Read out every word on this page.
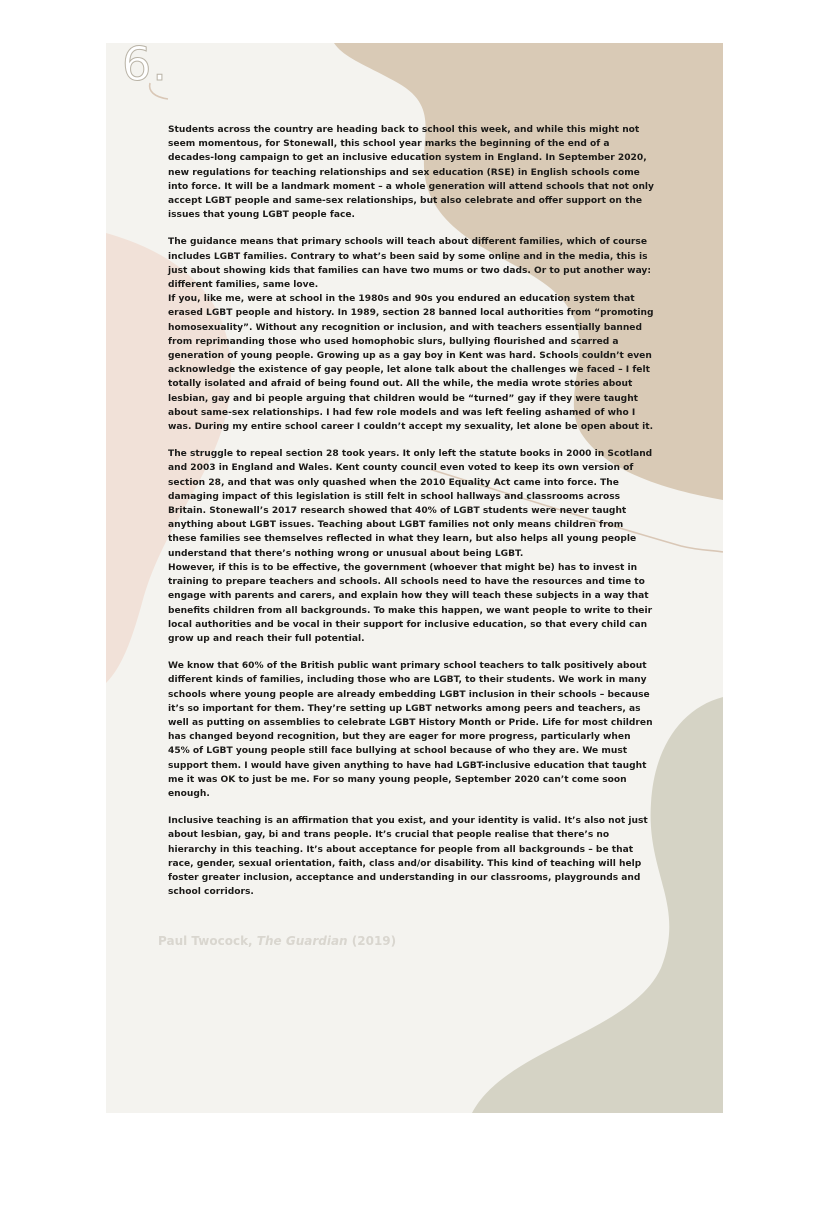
6.

Students across the country are heading back to school this week, and while this might not seem momentous, for Stonewall, this school year marks the beginning of the end of a decades-long campaign to get an inclusive education system in England. In September 2020, new regulations for teaching relationships and sex education (RSE) in English schools come into force. It will be a landmark moment – a whole generation will attend schools that not only accept LGBT people and same-sex relationships, but also celebrate and offer support on the issues that young LGBT people face.

The guidance means that primary schools will teach about different families, which of course includes LGBT families. Contrary to what’s been said by some online and in the media, this is just about showing kids that families can have two mums or two dads. Or to put another way: different families, same love.

If you, like me, were at school in the 1980s and 90s you endured an education system that erased LGBT people and history. In 1989, section 28 banned local authorities from “promoting homosexuality”. Without any recognition or inclusion, and with teachers essentially banned from reprimanding those who used homophobic slurs, bullying flourished and scarred a generation of young people. Growing up as a gay boy in Kent was hard. Schools couldn’t even acknowledge the existence of gay people, let alone talk about the challenges we faced – I felt totally isolated and afraid of being found out. All the while, the media wrote stories about lesbian, gay and bi people arguing that children would be “turned” gay if they were taught about same-sex relationships. I had few role models and was left feeling ashamed of who I was. During my entire school career I couldn’t accept my sexuality, let alone be open about it.

The struggle to repeal section 28 took years. It only left the statute books in 2000 in Scotland and 2003 in England and Wales. Kent county council even voted to keep its own version of section 28, and that was only quashed when the 2010 Equality Act came into force. The damaging impact of this legislation is still felt in school hallways and classrooms across Britain. Stonewall’s 2017 research showed that 40% of LGBT students were never taught anything about LGBT issues. Teaching about LGBT families not only means children from these families see themselves reflected in what they learn, but also helps all young people understand that there’s nothing wrong or unusual about being LGBT.

However, if this is to be effective, the government (whoever that might be) has to invest in training to prepare teachers and schools. All schools need to have the resources and time to engage with parents and carers, and explain how they will teach these subjects in a way that benefits children from all backgrounds. To make this happen, we want people to write to their local authorities and be vocal in their support for inclusive education, so that every child can grow up and reach their full potential.

We know that 60% of the British public want primary school teachers to talk positively about different kinds of families, including those who are LGBT, to their students. We work in many schools where young people are already embedding LGBT inclusion in their schools – because it’s so important for them. They’re setting up LGBT networks among peers and teachers, as well as putting on assemblies to celebrate LGBT History Month or Pride. Life for most children has changed beyond recognition, but they are eager for more progress, particularly when 45% of LGBT young people still face bullying at school because of who they are. We must support them. I would have given anything to have had LGBT-inclusive education that taught me it was OK to just be me. For so many young people, September 2020 can’t come soon enough.

Inclusive teaching is an affirmation that you exist, and your identity is valid. It’s also not just about lesbian, gay, bi and trans people. It’s crucial that people realise that there’s no hierarchy in this teaching. It’s about acceptance for people from all backgrounds – be that race, gender, sexual orientation, faith, class and/or disability. This kind of teaching will help foster greater inclusion, acceptance and understanding in our classrooms, playgrounds and school corridors.

Paul Twocock, The Guardian (2019)
